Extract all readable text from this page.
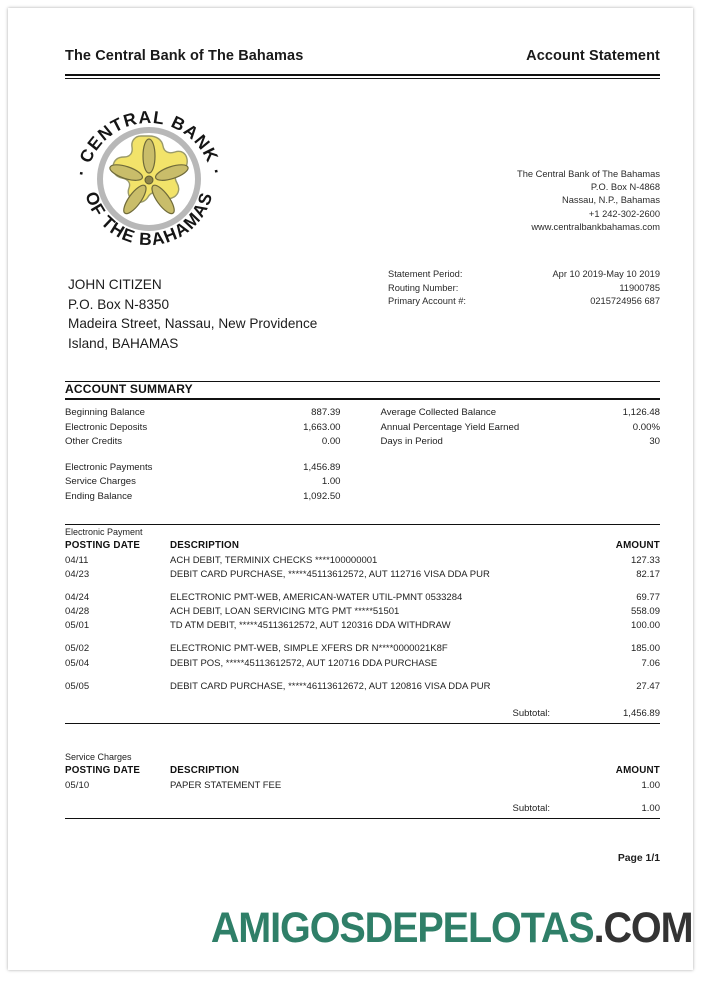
The Central Bank of The Bahamas	Account Statement
· CENTRAL BANK ·
OF THE BAHAMAS
The Central Bank of The Bahamas
P.O. Box N-4868
Nassau, N.P., Bahamas
+1 242-302-2600
www.centralbankbahamas.com
JOHN CITIZEN
P.O. Box N-8350
Madeira Street, Nassau, New Providence
Island, BAHAMAS
Statement Period:	Apr 10 2019-May 10 2019
Routing Number:	11900785
Primary Account #:	0215724956 687
ACCOUNT SUMMARY
Beginning Balance	887.39
Electronic Deposits	1,663.00
Other Credits	0.00
Electronic Payments	1,456.89
Service Charges	1.00
Ending Balance	1,092.50
Average Collected Balance	1,126.48
Annual Percentage Yield Earned	0.00%
Days in Period	30
Electronic Payment
POSTING DATE	DESCRIPTION	AMOUNT
04/11	ACH DEBIT, TERMINIX CHECKS ****100000001	127.33
04/23	DEBIT CARD PURCHASE, *****45113612572, AUT 112716 VISA DDA PUR	82.17
04/24	ELECTRONIC PMT-WEB, AMERICAN-WATER UTIL-PMNT 0533284	69.77
04/28	ACH DEBIT, LOAN SERVICING MTG PMT *****51501	558.09
05/01	TD ATM DEBIT, *****45113612572, AUT 120316 DDA WITHDRAW	100.00
05/02	ELECTRONIC PMT-WEB, SIMPLE XFERS DR N****0000021K8F	185.00
05/04	DEBIT POS, *****45113612572, AUT 120716 DDA PURCHASE	7.06
05/05	DEBIT CARD PURCHASE, *****46113612672, AUT 120816 VISA DDA PUR	27.47
Subtotal:	1,456.89
Service Charges
POSTING DATE	DESCRIPTION	AMOUNT
05/10	PAPER STATEMENT FEE	1.00
Subtotal:	1.00
Page 1/1
AMIGOSDEPELOTAS.COM
